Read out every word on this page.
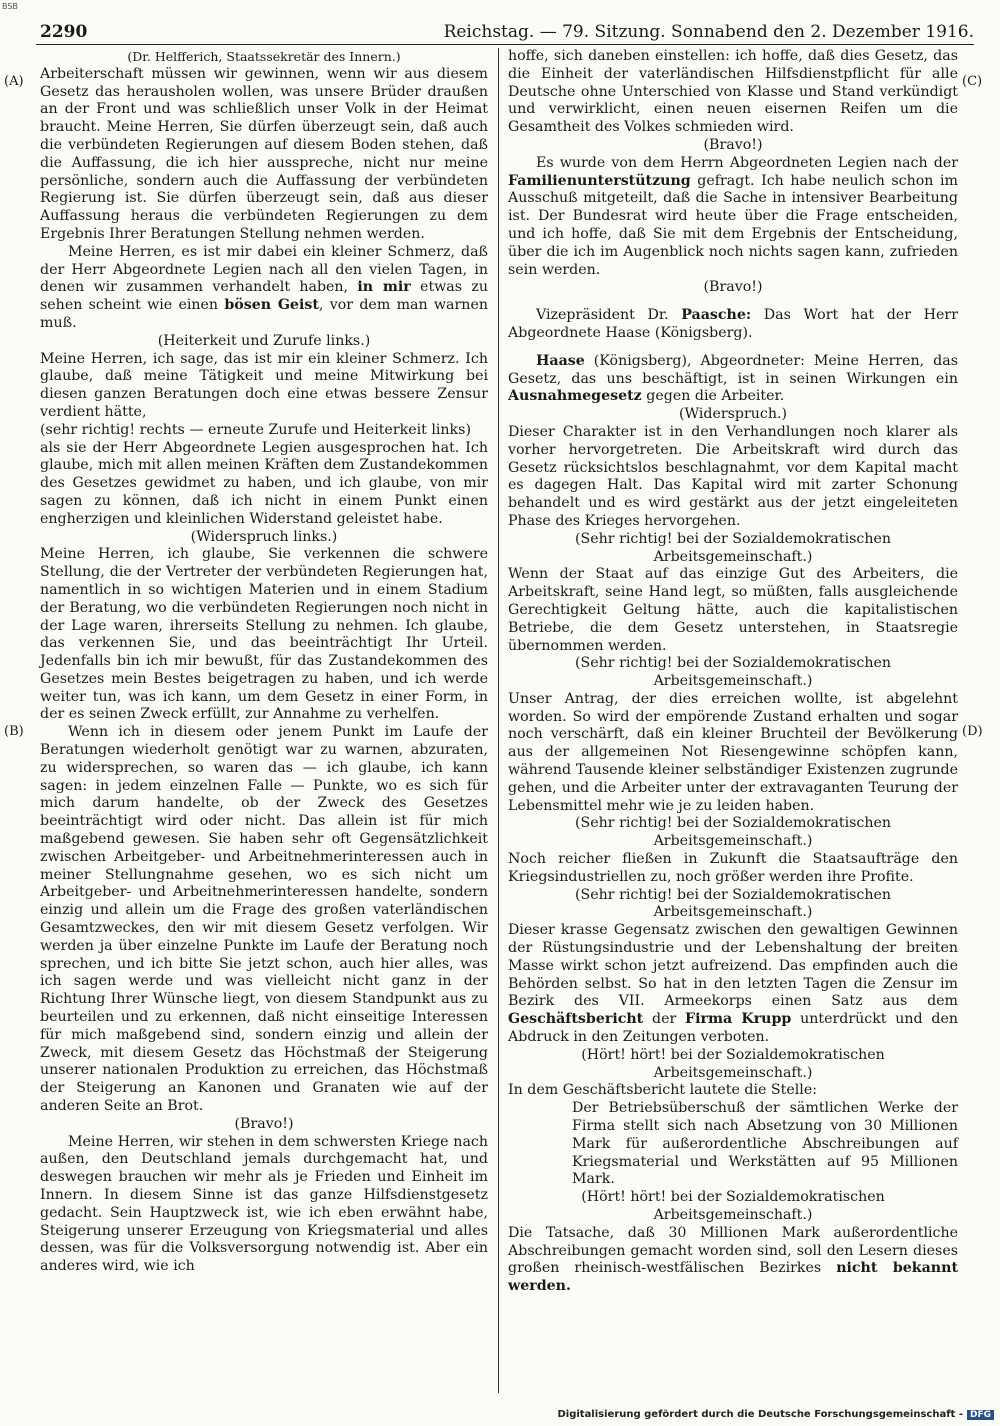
BSB
2290	Reichstag. — 79. Sitzung. Sonnabend den 2. Dezember 1916.
(A)
(B)
(C)
(D)

(Dr. Helfferich, Staatssekretär des Innern.)

Arbeiterschaft müssen wir gewinnen, wenn wir aus diesem Gesetz das herausholen wollen, was unsere Brüder draußen an der Front und was schließlich unser Volk in der Heimat braucht. Meine Herren, Sie dürfen überzeugt sein, daß auch die verbündeten Regierungen auf diesem Boden stehen, daß die Auffassung, die ich hier ausspreche, nicht nur meine persönliche, sondern auch die Auffassung der verbündeten Regierung ist. Sie dürfen überzeugt sein, daß aus dieser Auffassung heraus die verbündeten Regierungen zu dem Ergebnis Ihrer Beratungen Stellung nehmen werden.

Meine Herren, es ist mir dabei ein kleiner Schmerz, daß der Herr Abgeordnete Legien nach all den vielen Tagen, in denen wir zusammen verhandelt haben, in mir etwas zu sehen scheint wie einen bösen Geist, vor dem man warnen muß.

(Heiterkeit und Zurufe links.)

Meine Herren, ich sage, das ist mir ein kleiner Schmerz. Ich glaube, daß meine Tätigkeit und meine Mitwirkung bei diesen ganzen Beratungen doch eine etwas bessere Zensur verdient hätte,

(sehr richtig! rechts — erneute Zurufe und Heiterkeit links)

als sie der Herr Abgeordnete Legien ausgesprochen hat. Ich glaube, mich mit allen meinen Kräften dem Zustandekommen des Gesetzes gewidmet zu haben, und ich glaube, von mir sagen zu können, daß ich nicht in einem Punkt einen engherzigen und kleinlichen Widerstand geleistet habe.

(Widerspruch links.)

Meine Herren, ich glaube, Sie verkennen die schwere Stellung, die der Vertreter der verbündeten Regierungen hat, namentlich in so wichtigen Materien und in einem Stadium der Beratung, wo die verbündeten Regierungen noch nicht in der Lage waren, ihrerseits Stellung zu nehmen. Ich glaube, das verkennen Sie, und das beeinträchtigt Ihr Urteil. Jedenfalls bin ich mir bewußt, für das Zustandekommen des Gesetzes mein Bestes beigetragen zu haben, und ich werde weiter tun, was ich kann, um dem Gesetz in einer Form, in der es seinen Zweck erfüllt, zur Annahme zu verhelfen.

Wenn ich in diesem oder jenem Punkt im Laufe der Beratungen wiederholt genötigt war zu warnen, abzuraten, zu widersprechen, so waren das — ich glaube, ich kann sagen: in jedem einzelnen Falle — Punkte, wo es sich für mich darum handelte, ob der Zweck des Gesetzes beeinträchtigt wird oder nicht. Das allein ist für mich maßgebend gewesen. Sie haben sehr oft Gegensätzlichkeit zwischen Arbeitgeber- und Arbeitnehmerinteressen auch in meiner Stellungnahme gesehen, wo es sich nicht um Arbeitgeber- und Arbeitnehmerinteressen handelte, sondern einzig und allein um die Frage des großen vaterländischen Gesamtzweckes, den wir mit diesem Gesetz verfolgen. Wir werden ja über einzelne Punkte im Laufe der Beratung noch sprechen, und ich bitte Sie jetzt schon, auch hier alles, was ich sagen werde und was vielleicht nicht ganz in der Richtung Ihrer Wünsche liegt, von diesem Standpunkt aus zu beurteilen und zu erkennen, daß nicht einseitige Interessen für mich maßgebend sind, sondern einzig und allein der Zweck, mit diesem Gesetz das Höchstmaß der Steigerung unserer nationalen Produktion zu erreichen, das Höchstmaß der Steigerung an Kanonen und Granaten wie auf der anderen Seite an Brot.

(Bravo!)

Meine Herren, wir stehen in dem schwersten Kriege nach außen, den Deutschland jemals durchgemacht hat, und deswegen brauchen wir mehr als je Frieden und Einheit im Innern. In diesem Sinne ist das ganze Hilfsdienstgesetz gedacht. Sein Hauptzweck ist, wie ich eben erwähnt habe, Steigerung unserer Erzeugung von Kriegsmaterial und alles dessen, was für die Volksversorgung notwendig ist. Aber ein anderes wird, wie ich

hoffe, sich daneben einstellen: ich hoffe, daß dies Gesetz, das die Einheit der vaterländischen Hilfsdienstpflicht für alle Deutsche ohne Unterschied von Klasse und Stand verkündigt und verwirklicht, einen neuen eisernen Reifen um die Gesamtheit des Volkes schmieden wird.

(Bravo!)

Es wurde von dem Herrn Abgeordneten Legien nach der Familienunterstützung gefragt. Ich habe neulich schon im Ausschuß mitgeteilt, daß die Sache in intensiver Bearbeitung ist. Der Bundesrat wird heute über die Frage entscheiden, und ich hoffe, daß Sie mit dem Ergebnis der Entscheidung, über die ich im Augenblick noch nichts sagen kann, zufrieden sein werden.

(Bravo!)

Vizepräsident Dr. Paasche: Das Wort hat der Herr Abgeordnete Haase (Königsberg).

Haase (Königsberg), Abgeordneter: Meine Herren, das Gesetz, das uns beschäftigt, ist in seinen Wirkungen ein Ausnahmegesetz gegen die Arbeiter.

(Widerspruch.)

Dieser Charakter ist in den Verhandlungen noch klarer als vorher hervorgetreten. Die Arbeitskraft wird durch das Gesetz rücksichtslos beschlagnahmt, vor dem Kapital macht es dagegen Halt. Das Kapital wird mit zarter Schonung behandelt und es wird gestärkt aus der jetzt eingeleiteten Phase des Krieges hervorgehen.

(Sehr richtig! bei der Sozialdemokratischen Arbeitsgemeinschaft.)

Wenn der Staat auf das einzige Gut des Arbeiters, die Arbeitskraft, seine Hand legt, so müßten, falls ausgleichende Gerechtigkeit Geltung hätte, auch die kapitalistischen Betriebe, die dem Gesetz unterstehen, in Staatsregie übernommen werden.

(Sehr richtig! bei der Sozialdemokratischen Arbeitsgemeinschaft.)

Unser Antrag, der dies erreichen wollte, ist abgelehnt worden. So wird der empörende Zustand erhalten und sogar noch verschärft, daß ein kleiner Bruchteil der Bevölkerung aus der allgemeinen Not Riesengewinne schöpfen kann, während Tausende kleiner selbständiger Existenzen zugrunde gehen, und die Arbeiter unter der extravaganten Teurung der Lebensmittel mehr wie je zu leiden haben.

(Sehr richtig! bei der Sozialdemokratischen Arbeitsgemeinschaft.)

Noch reicher fließen in Zukunft die Staatsaufträge den Kriegsindustriellen zu, noch größer werden ihre Profite.

(Sehr richtig! bei der Sozialdemokratischen Arbeitsgemeinschaft.)

Dieser krasse Gegensatz zwischen den gewaltigen Gewinnen der Rüstungsindustrie und der Lebenshaltung der breiten Masse wirkt schon jetzt aufreizend. Das empfinden auch die Behörden selbst. So hat in den letzten Tagen die Zensur im Bezirk des VII. Armeekorps einen Satz aus dem Geschäftsbericht der Firma Krupp unterdrückt und den Abdruck in den Zeitungen verboten.

(Hört! hört! bei der Sozialdemokratischen Arbeitsgemeinschaft.)

In dem Geschäftsbericht lautete die Stelle:

Der Betriebsüberschuß der sämtlichen Werke der Firma stellt sich nach Absetzung von 30 Millionen Mark für außerordentliche Abschreibungen auf Kriegsmaterial und Werkstätten auf 95 Millionen Mark.

(Hört! hört! bei der Sozialdemokratischen Arbeitsgemeinschaft.)

Die Tatsache, daß 30 Millionen Mark außerordentliche Abschreibungen gemacht worden sind, soll den Lesern dieses großen rheinisch-westfälischen Bezirkes nicht bekannt werden.

Digitalisierung gefördert durch die Deutsche Forschungsgemeinschaft - DFG
